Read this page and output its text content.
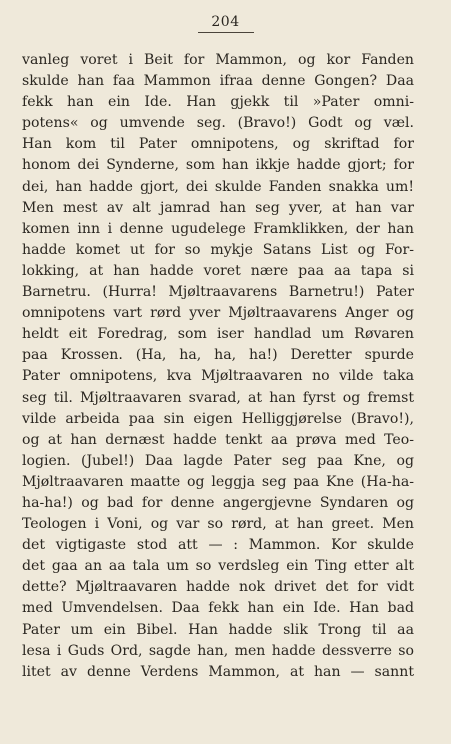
204
vanleg voret i Beit for Mammon, og kor Fanden
skulde han faa Mammon ifraa denne Gongen? Daa
fekk han ein Ide. Han gjekk til »Pater omni-
potens« og umvende seg. (Bravo!) Godt og væl.
Han kom til Pater omnipotens, og skriftad for
honom dei Synderne, som han ikkje hadde gjort; for
dei, han hadde gjort, dei skulde Fanden snakka um!
Men mest av alt jamrad han seg yver, at han var
komen inn i denne ugudelege Framklikken, der han
hadde komet ut for so mykje Satans List og For-
lokking, at han hadde voret nære paa aa tapa si
Barnetru. (Hurra! Mjøltraavarens Barnetru!) Pater
omnipotens vart rørd yver Mjøltraavarens Anger og
heldt eit Foredrag, som iser handlad um Røvaren
paa Krossen. (Ha, ha, ha, ha!) Deretter spurde
Pater omnipotens, kva Mjøltraavaren no vilde taka
seg til. Mjøltraavaren svarad, at han fyrst og fremst
vilde arbeida paa sin eigen Helliggjørelse (Bravo!),
og at han dernæst hadde tenkt aa prøva med Teo-
logien. (Jubel!) Daa lagde Pater seg paa Kne, og
Mjøltraavaren maatte og leggja seg paa Kne (Ha-ha-
ha-ha!) og bad for denne angergjevne Syndaren og
Teologen i Voni, og var so rørd, at han greet. Men
det vigtigaste stod att — : Mammon. Kor skulde
det gaa an aa tala um so verdsleg ein Ting etter alt
dette? Mjøltraavaren hadde nok drivet det for vidt
med Umvendelsen. Daa fekk han ein Ide. Han bad
Pater um ein Bibel. Han hadde slik Trong til aa
lesa i Guds Ord, sagde han, men hadde dessverre so
litet av denne Verdens Mammon, at han — sannt
